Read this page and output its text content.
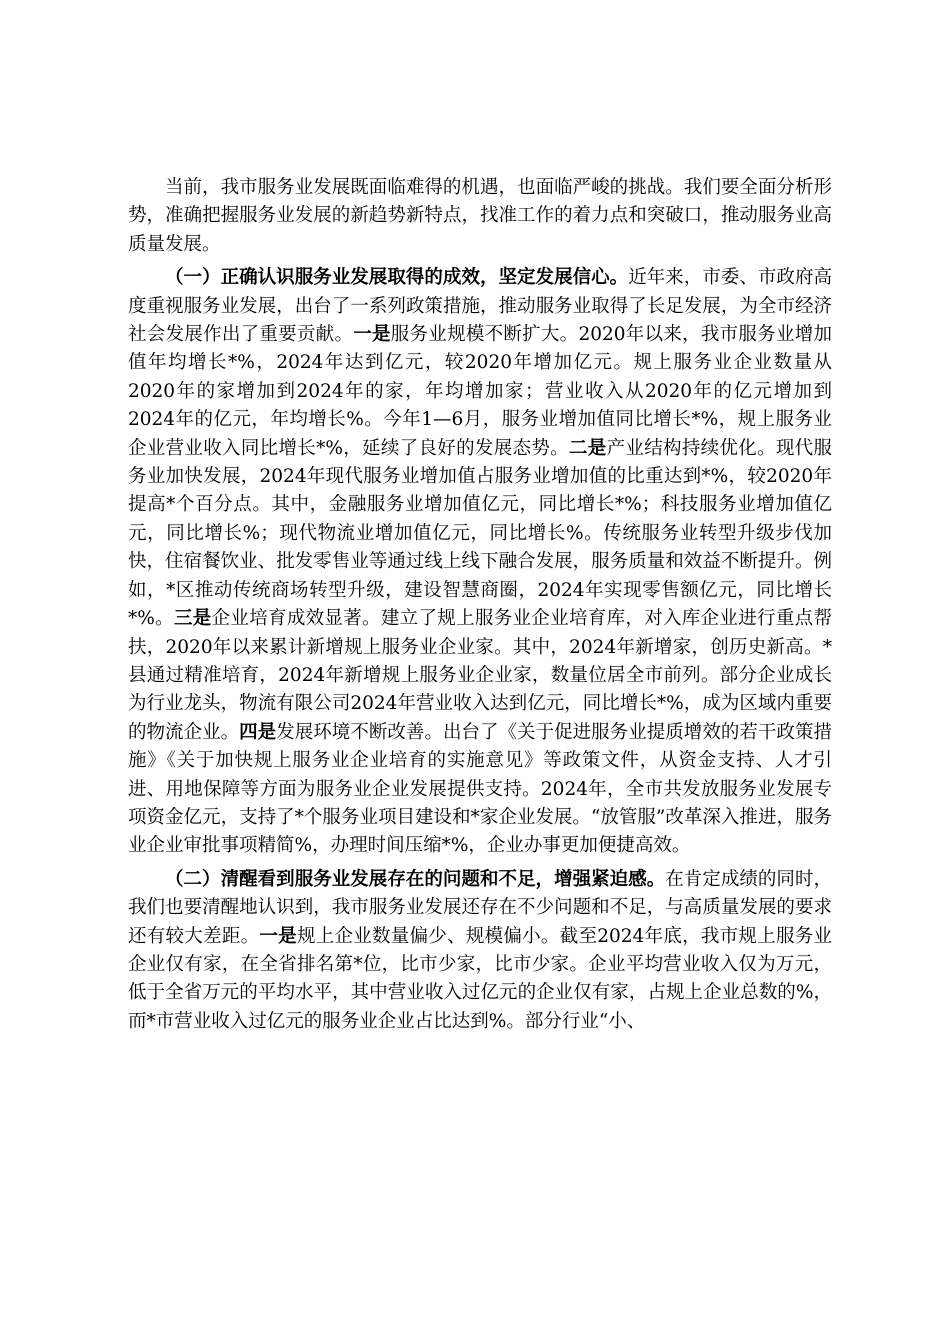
当前，我市服务业发展既面临难得的机遇，也面临严峻的挑战。我们要全面分析形势，准确把握服务业发展的新趋势新特点，找准工作的着力点和突破口，推动服务业高质量发展。

（一）正确认识服务业发展取得的成效，坚定发展信心。近年来，市委、市政府高度重视服务业发展，出台了一系列政策措施，推动服务业取得了长足发展，为全市经济社会发展作出了重要贡献。一是服务业规模不断扩大。2020年以来，我市服务业增加值年均增长*%，2024年达到亿元，较2020年增加亿元。规上服务业企业数量从2020年的家增加到2024年的家，年均增加家；营业收入从2020年的亿元增加到2024年的亿元，年均增长%。今年1—6月，服务业增加值同比增长*%，规上服务业企业营业收入同比增长*%，延续了良好的发展态势。二是产业结构持续优化。现代服务业加快发展，2024年现代服务业增加值占服务业增加值的比重达到*%，较2020年提高*个百分点。其中，金融服务业增加值亿元，同比增长*%；科技服务业增加值亿元，同比增长%；现代物流业增加值亿元，同比增长%。传统服务业转型升级步伐加快，住宿餐饮业、批发零售业等通过线上线下融合发展，服务质量和效益不断提升。例如，*区推动传统商场转型升级，建设智慧商圈，2024年实现零售额亿元，同比增长*%。三是企业培育成效显著。建立了规上服务业企业培育库，对入库企业进行重点帮扶，2020年以来累计新增规上服务业企业家。其中，2024年新增家，创历史新高。*县通过精准培育，2024年新增规上服务业企业家，数量位居全市前列。部分企业成长为行业龙头，物流有限公司2024年营业收入达到亿元，同比增长*%，成为区域内重要的物流企业。四是发展环境不断改善。出台了《关于促进服务业提质增效的若干政策措施》《关于加快规上服务业企业培育的实施意见》等政策文件，从资金支持、人才引进、用地保障等方面为服务业企业发展提供支持。2024年，全市共发放服务业发展专项资金亿元，支持了*个服务业项目建设和*家企业发展。“放管服”改革深入推进，服务业企业审批事项精简%，办理时间压缩*%，企业办事更加便捷高效。

（二）清醒看到服务业发展存在的问题和不足，增强紧迫感。在肯定成绩的同时，我们也要清醒地认识到，我市服务业发展还存在不少问题和不足，与高质量发展的要求还有较大差距。一是规上企业数量偏少、规模偏小。截至2024年底，我市规上服务业企业仅有家，在全省排名第*位，比市少家，比市少家。企业平均营业收入仅为万元，低于全省万元的平均水平，其中营业收入过亿元的企业仅有家，占规上企业总数的%，而*市营业收入过亿元的服务业企业占比达到%。部分行业“小、
